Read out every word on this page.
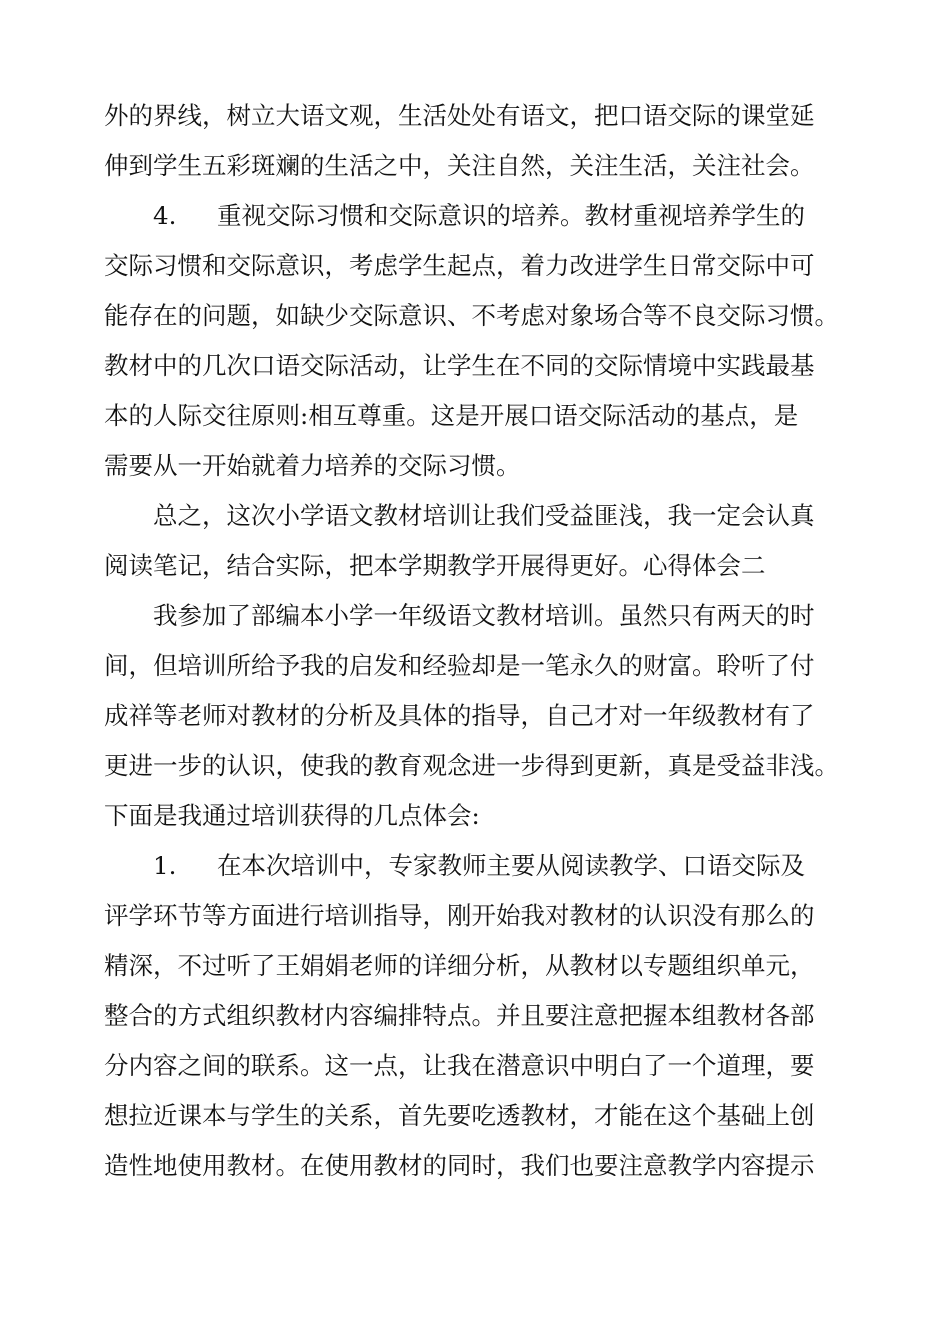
外的界线，树立大语文观，生活处处有语文，把口语交际的课堂延
伸到学生五彩斑斓的生活之中，关注自然，关注生活，关注社会。
4. 重视交际习惯和交际意识的培养。教材重视培养学生的
交际习惯和交际意识，考虑学生起点，着力改进学生日常交际中可
能存在的问题，如缺少交际意识、不考虑对象场合等不良交际习惯。
教材中的几次口语交际活动，让学生在不同的交际情境中实践最基
本的人际交往原则:相互尊重。这是开展口语交际活动的基点，是
需要从一开始就着力培养的交际习惯。
总之，这次小学语文教材培训让我们受益匪浅，我一定会认真
阅读笔记，结合实际，把本学期教学开展得更好。心得体会二
我参加了部编本小学一年级语文教材培训。虽然只有两天的时
间，但培训所给予我的启发和经验却是一笔永久的财富。聆听了付
成祥等老师对教材的分析及具体的指导，自己才对一年级教材有了
更进一步的认识，使我的教育观念进一步得到更新，真是受益非浅。
下面是我通过培训获得的几点体会:
1. 在本次培训中，专家教师主要从阅读教学、口语交际及
评学环节等方面进行培训指导，刚开始我对教材的认识没有那么的
精深，不过听了王娟娟老师的详细分析，从教材以专题组织单元，
整合的方式组织教材内容编排特点。并且要注意把握本组教材各部
分内容之间的联系。这一点，让我在潜意识中明白了一个道理，要
想拉近课本与学生的关系，首先要吃透教材，才能在这个基础上创
造性地使用教材。在使用教材的同时，我们也要注意教学内容提示
